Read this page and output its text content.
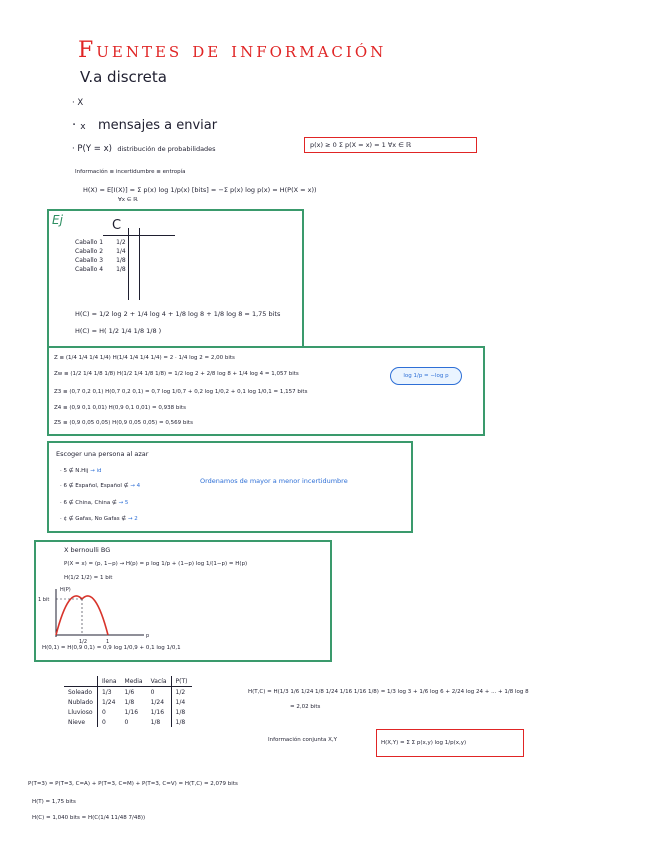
Fuentes de información
V.a discreta
· X
· x mensajes a enviar
· P(Y = x) distribución de probabilidades	p(x) ≥ 0 Σ p(X = x) = 1 ∀x ∈ ℝ
Información ≡ incertidumbre ≡ entropía
H(X) = E[I(X)] = Σ p(x) log 1/p(x) [bits] = −Σ p(x) log p(x) = H(P(X = x))
∀x ∈ ℝ
Ej	C
Caballo 1	1/2
Caballo 2	1/4
Caballo 3	1/8
Caballo 4	1/8
H(C) = 1/2 log 2 + 1/4 log 4 + 1/8 log 8 + 1/8 log 8 = 1,75 bits
H(C) = H( 1/2 1/4 1/8 1/8 )
Z ≡ (1/4 1/4 1/4 1/4) H(1/4 1/4 1/4 1/4) = 2 · 1/4 log 2 = 2,00 bits
Zw ≡ (1/2 1/4 1/8 1/8) H(1/2 1/4 1/8 1/8) = 1/2 log 2 + 2/8 log 8 + 1/4 log 4 = 1,057 bits
Z3 ≡ (0,7 0,2 0,1) H(0,7 0,2 0,1) = 0,7 log 1/0,7 + 0,2 log 1/0,2 + 0,1 log 1/0,1 = 1,157 bits
Z4 ≡ (0,9 0,1 0,01) H(0,9 0,1 0,01) = 0,938 bits
Z5 ≡ (0,9 0,05 0,05) H(0,9 0,05 0,05) = 0,569 bits
log 1/p = −log p
Escoger una persona al azar
· 5 ∉ N.Hij → id
· 6 ∉ Español, Español ∉ → 4
· 6 ∉ China, China ∉ → 5
· ¢ ∉ Gafas, No Gafas ∉ → 2
Ordenamos de mayor a menor incertidumbre
X bernoulli BG
P(X = x) = (p, 1−p) → H(p) = p log 1/p + (1−p) log 1/(1−p) = H(p)
H(1/2 1/2) = 1 bit
H(P)
1 bit
1/2	1
p
H(0,1) = H(0,9 0,1) = 0,9 log 1/0,9 + 0,1 log 1/0,1
	Ilena	Media	Vacía	P(T)
Soleado	1/3	1/6	0	1/2
Nublado	1/24	1/8	1/24	1/4
Lluvioso	0	1/16	1/16	1/8
Nieve	0	0	1/8	1/8
H(T,C) = H(1/3 1/6 1/24 1/8 1/24 1/16 1/16 1/8) = 1/3 log 3 + 1/6 log 6 + 2/24 log 24 + ... + 1/8 log 8
= 2,02 bits
Información conjunta X,Y	H(X,Y) = Σ Σ p(x,y) log 1/p(x,y)
P(T=3) = P(T=3, C=A) + P(T=3, C=M) + P(T=3, C=V) = H(T,C) = 2,079 bits
H(T) = 1,75 bits
H(C) = 1,040 bits = H(C(1/4 11/48 7/48))
